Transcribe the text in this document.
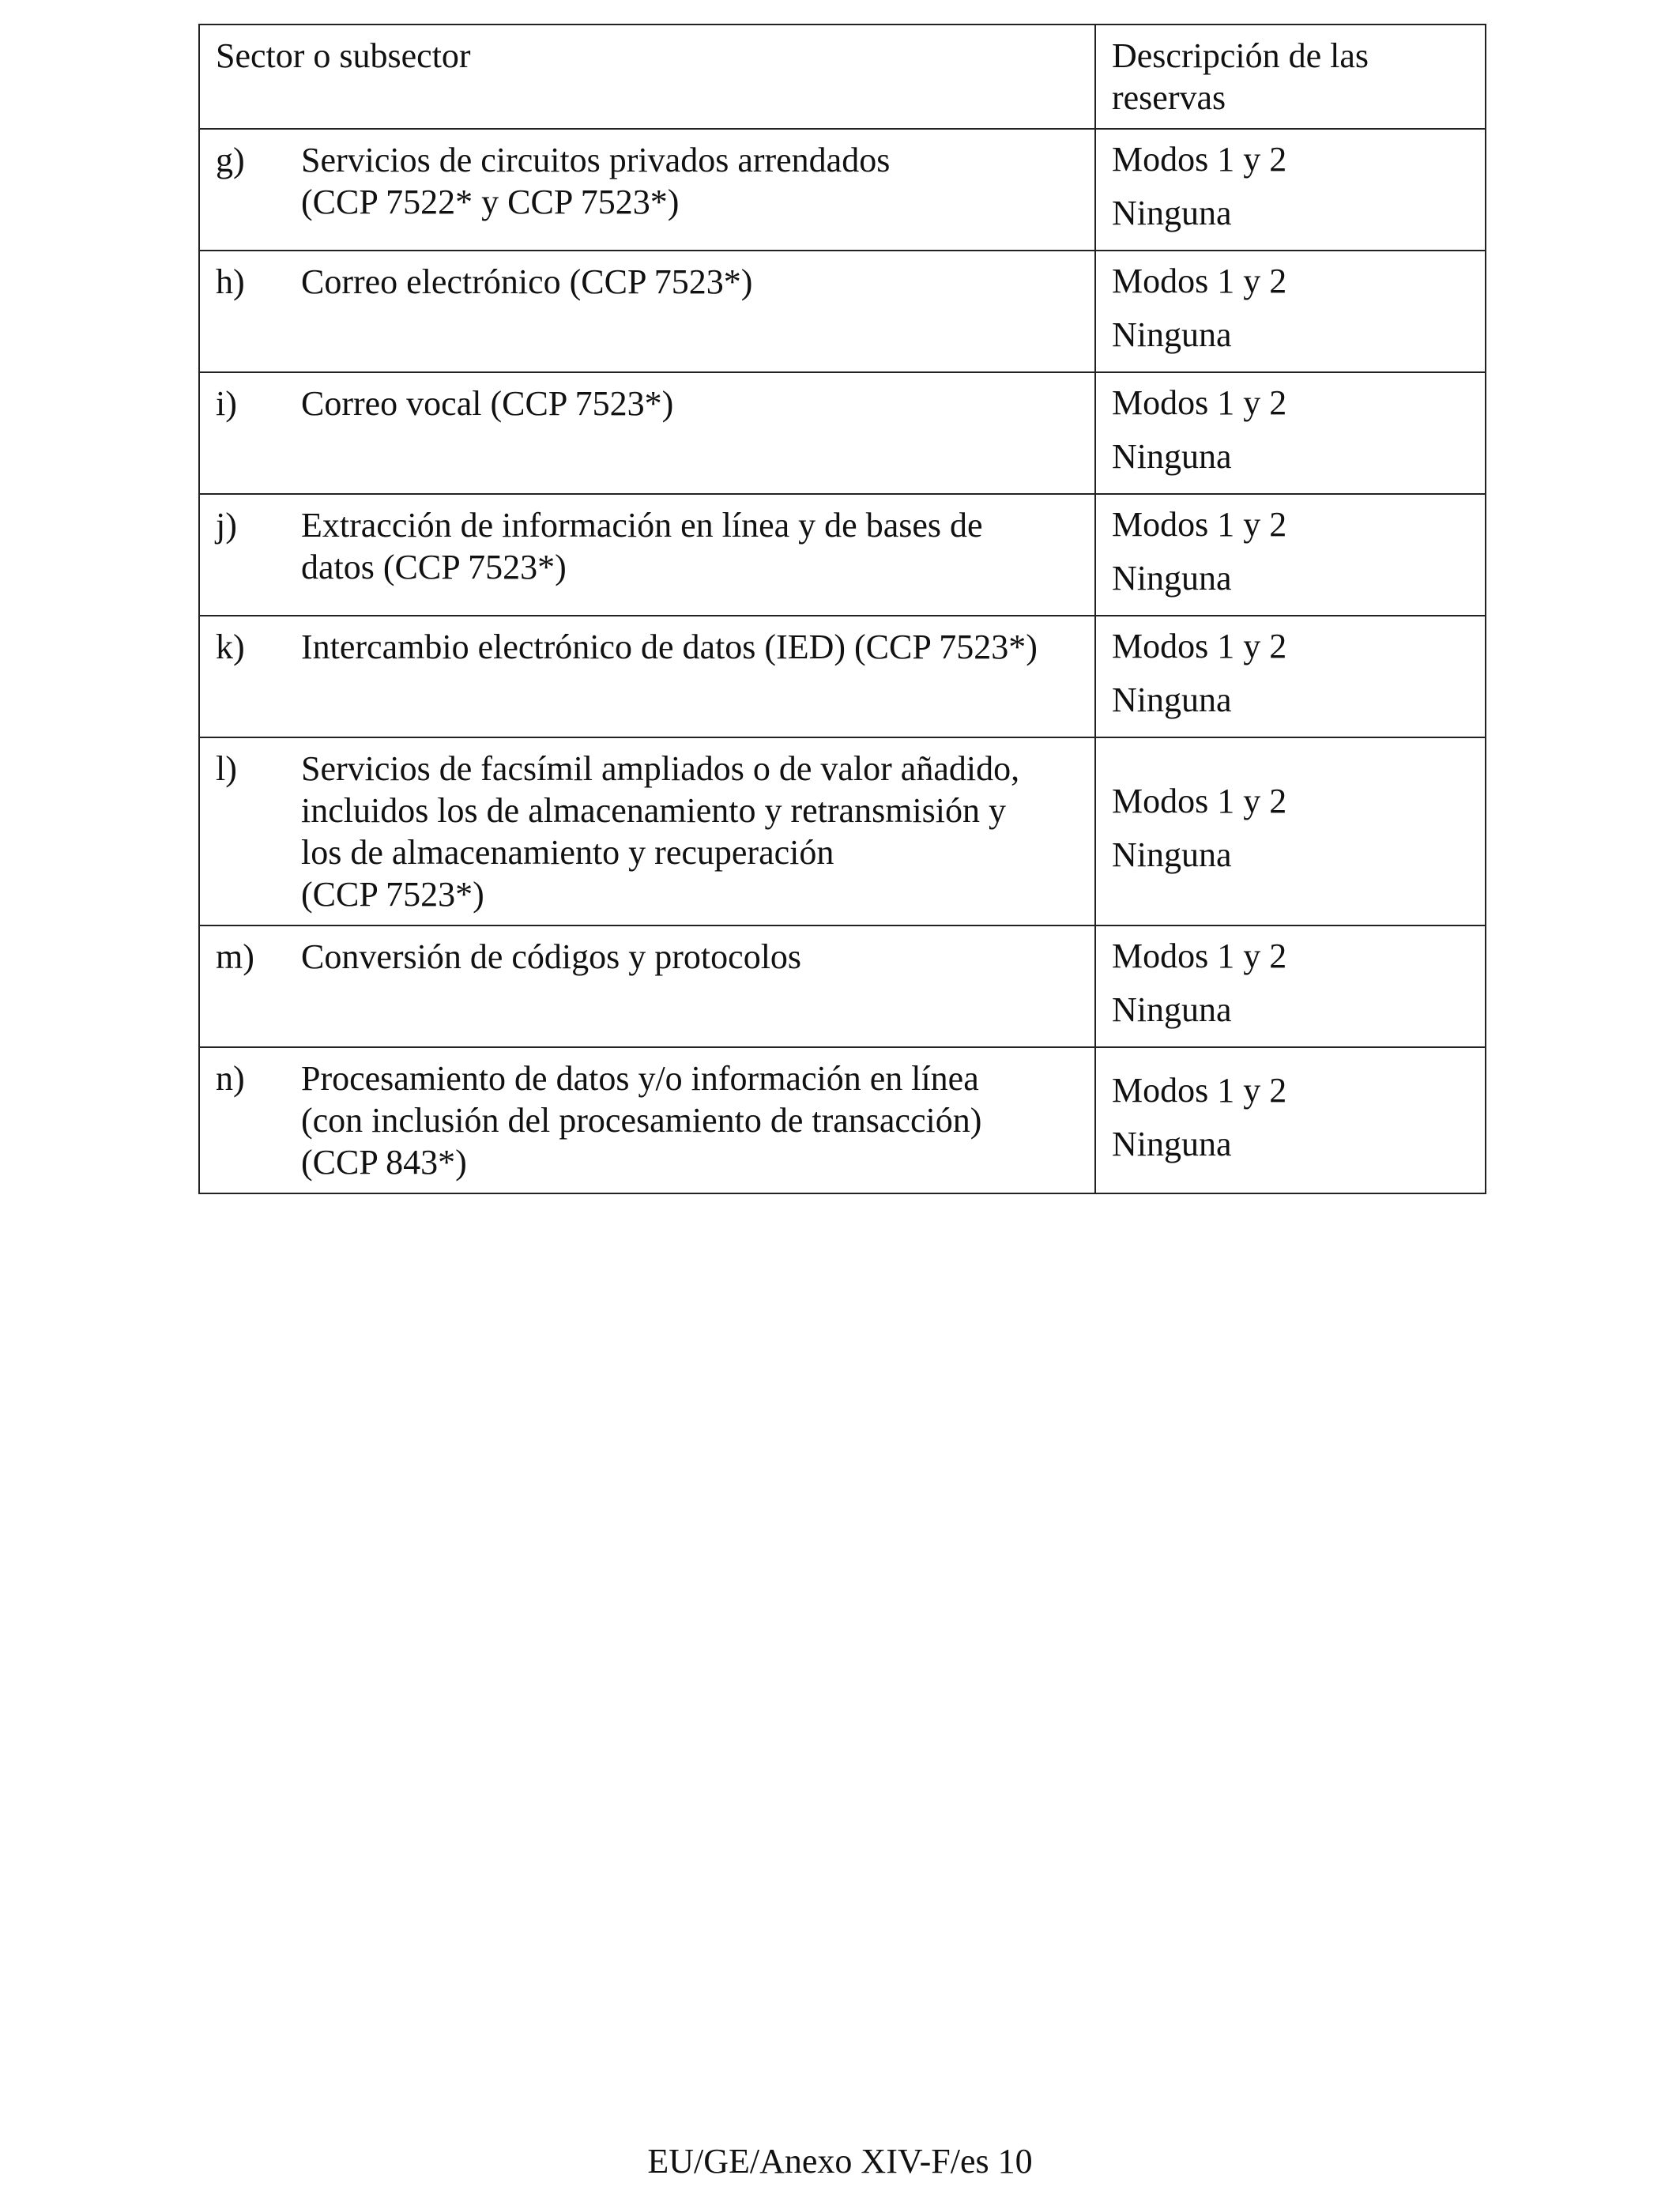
Sector o subsector	Descripción de las reservas

g) Servicios de circuitos privados arrendados
(CCP 7522* y CCP 7523*)	Modos 1 y 2
Ninguna

h) Correo electrónico (CCP 7523*)	Modos 1 y 2
Ninguna

i) Correo vocal (CCP 7523*)	Modos 1 y 2
Ninguna

j) Extracción de información en línea y de bases de
datos (CCP 7523*)	Modos 1 y 2
Ninguna

k) Intercambio electrónico de datos (IED) (CCP 7523*)	Modos 1 y 2
Ninguna

l) Servicios de facsímil ampliados o de valor añadido,
incluidos los de almacenamiento y retransmisión y
los de almacenamiento y recuperación
(CCP 7523*)	Modos 1 y 2
Ninguna

m) Conversión de códigos y protocolos	Modos 1 y 2
Ninguna

n) Procesamiento de datos y/o información en línea
(con inclusión del procesamiento de transacción)
(CCP 843*)	Modos 1 y 2
Ninguna
EU/GE/Anexo XIV-F/es 10
